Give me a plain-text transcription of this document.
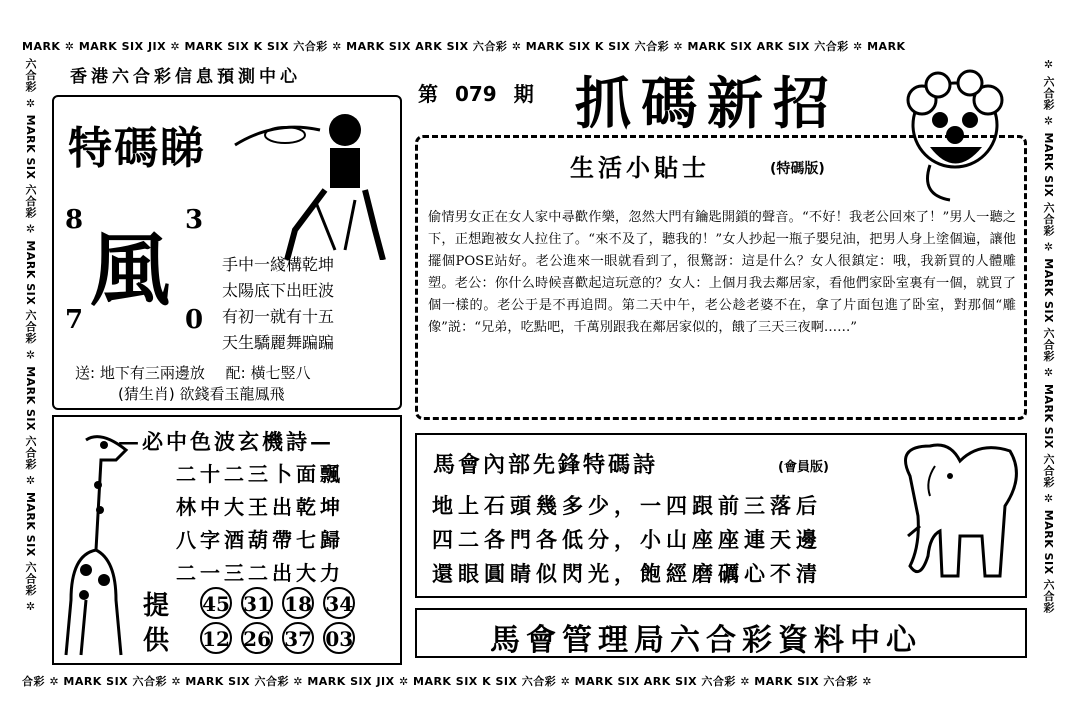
MARK ✲ MARK SIX JIX ✲ MARK SIX K SIX 六合彩 ✲ MARK SIX ARK SIX 六合彩 ✲ MARK SIX K SIX 六合彩 ✲ MARK SIX ARK SIX 六合彩 ✲ MARK
合彩 ✲ MARK SIX 六合彩 ✲ MARK SIX 六合彩 ✲ MARK SIX JIX ✲ MARK SIX K SIX 六合彩 ✲ MARK SIX ARK SIX 六合彩 ✲ MARK SIX 六合彩 ✲
六合彩 ✲ MARK SIX 六合彩 ✲ MARK SIX 六合彩 ✲ MARK SIX 六合彩 ✲ MARK SIX 六合彩 ✲	✲ 六合彩 ✲ MARK SIX 六合彩 ✲ MARK SIX 六合彩 ✲ MARK SIX 六合彩 ✲ MARK SIX 六合彩
香港六合彩信息預測中心
第 079 期 抓碼新招
特碼睇
8	3
7	0
風	手中一綫構乾坤
太陽底下出旺波
有初一就有十五
天生驕麗舞蹁蹁
送: 地下有三兩邊放 配: 橫七竪八
(猜生肖) 欲錢看玉龍鳳飛
生活小貼士	(特碼版)
偷情男女正在女人家中尋歡作樂，忽然大門有鑰匙開鎖的聲音。“不好！我老公回來了！”男人一聽之下，正想跑被女人拉住了。“來不及了，聽我的！”女人抄起一瓶子嬰兒油，把男人身上塗個遍，讓他擺個POSE站好。老公進來一眼就看到了，很驚訝：這是什么？女人很鎮定：哦，我新買的人體雕塑。老公：你什么時候喜歡起這玩意的？女人：上個月我去鄰居家，看他們家卧室裏有一個，就買了個一樣的。老公于是不再追問。第二天中午，老公趁老婆不在，拿了片面包進了卧室，對那個“雕像”説：“兄弟，吃點吧，千萬別跟我在鄰居家似的，餓了三天三夜啊……”
—必中色波玄機詩—
二十二三卜面飄
林中大王出乾坤
八字酒葫帶七歸
二一三二出大力
提
供
45 31 18 34
12 26 37 03
馬會內部先鋒特碼詩	(會員版)
地上石頭幾多少，一四跟前三落后
四二各門各低分，小山座座連天邊
還眼圓睛似閃光，飽經磨礪心不清
馬會管理局六合彩資料中心
